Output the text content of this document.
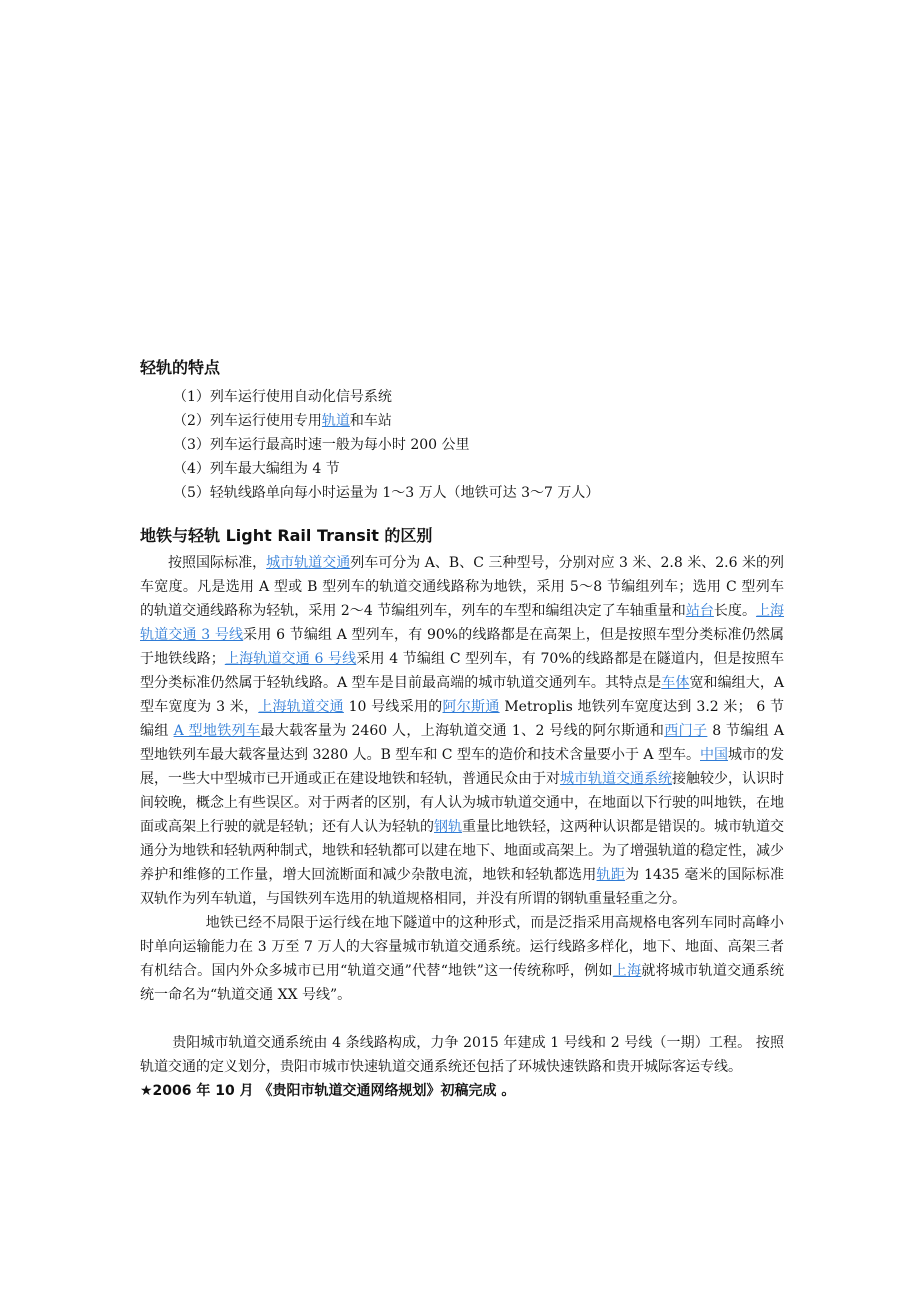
轻轨的特点
（1）列车运行使用自动化信号系统
（2）列车运行使用专用轨道和车站
（3）列车运行最高时速一般为每小时 200 公里
（4）列车最大编组为 4 节
（5）轻轨线路单向每小时运量为 1～3 万人（地铁可达 3～7 万人）
地铁与轻轨 Light Rail Transit 的区别

按照国际标准，城市轨道交通列车可分为 A、B、C 三种型号，分别对应 3 米、2.8 米、2.6 米的列车宽度。凡是选用 A 型或 B 型列车的轨道交通线路称为地铁，采用 5～8 节编组列车；选用 C 型列车的轨道交通线路称为轻轨，采用 2～4 节编组列车，列车的车型和编组决定了车轴重量和站台长度。上海轨道交通 3 号线采用 6 节编组 A 型列车，有 90%的线路都是在高架上，但是按照车型分类标准仍然属于地铁线路；上海轨道交通 6 号线采用 4 节编组 C 型列车，有 70%的线路都是在隧道内，但是按照车型分类标准仍然属于轻轨线路。A 型车是目前最高端的城市轨道交通列车。其特点是车体宽和编组大，A 型车宽度为 3 米，上海轨道交通 10 号线采用的阿尔斯通 Metroplis 地铁列车宽度达到 3.2 米； 6 节编组 A 型地铁列车最大载客量为 2460 人，上海轨道交通 1、2 号线的阿尔斯通和西门子 8 节编组 A 型地铁列车最大载客量达到 3280 人。B 型车和 C 型车的造价和技术含量要小于 A 型车。中国城市的发展，一些大中型城市已开通或正在建设地铁和轻轨，普通民众由于对城市轨道交通系统接触较少，认识时间较晚，概念上有些误区。对于两者的区别，有人认为城市轨道交通中，在地面以下行驶的叫地铁，在地面或高架上行驶的就是轻轨；还有人认为轻轨的钢轨重量比地铁轻，这两种认识都是错误的。城市轨道交通分为地铁和轻轨两种制式，地铁和轻轨都可以建在地下、地面或高架上。为了增强轨道的稳定性，减少养护和维修的工作量，增大回流断面和减少杂散电流，地铁和轻轨都选用轨距为 1435 毫米的国际标准双轨作为列车轨道，与国铁列车选用的轨道规格相同，并没有所谓的钢轨重量轻重之分。

地铁已经不局限于运行线在地下隧道中的这种形式，而是泛指采用高规格电客列车同时高峰小时单向运输能力在 3 万至 7 万人的大容量城市轨道交通系统。运行线路多样化，地下、地面、高架三者有机结合。国内外众多城市已用“轨道交通”代替“地铁”这一传统称呼，例如上海就将城市轨道交通系统统一命名为“轨道交通 XX 号线”。

贵阳城市轨道交通系统由 4 条线路构成，力争 2015 年建成 1 号线和 2 号线（一期）工程。 按照轨道交通的定义划分，贵阳市城市快速轨道交通系统还包括了环城快速铁路和贵开城际客运专线。

★2006 年 10 月 《贵阳市轨道交通网络规划》初稿完成 。
